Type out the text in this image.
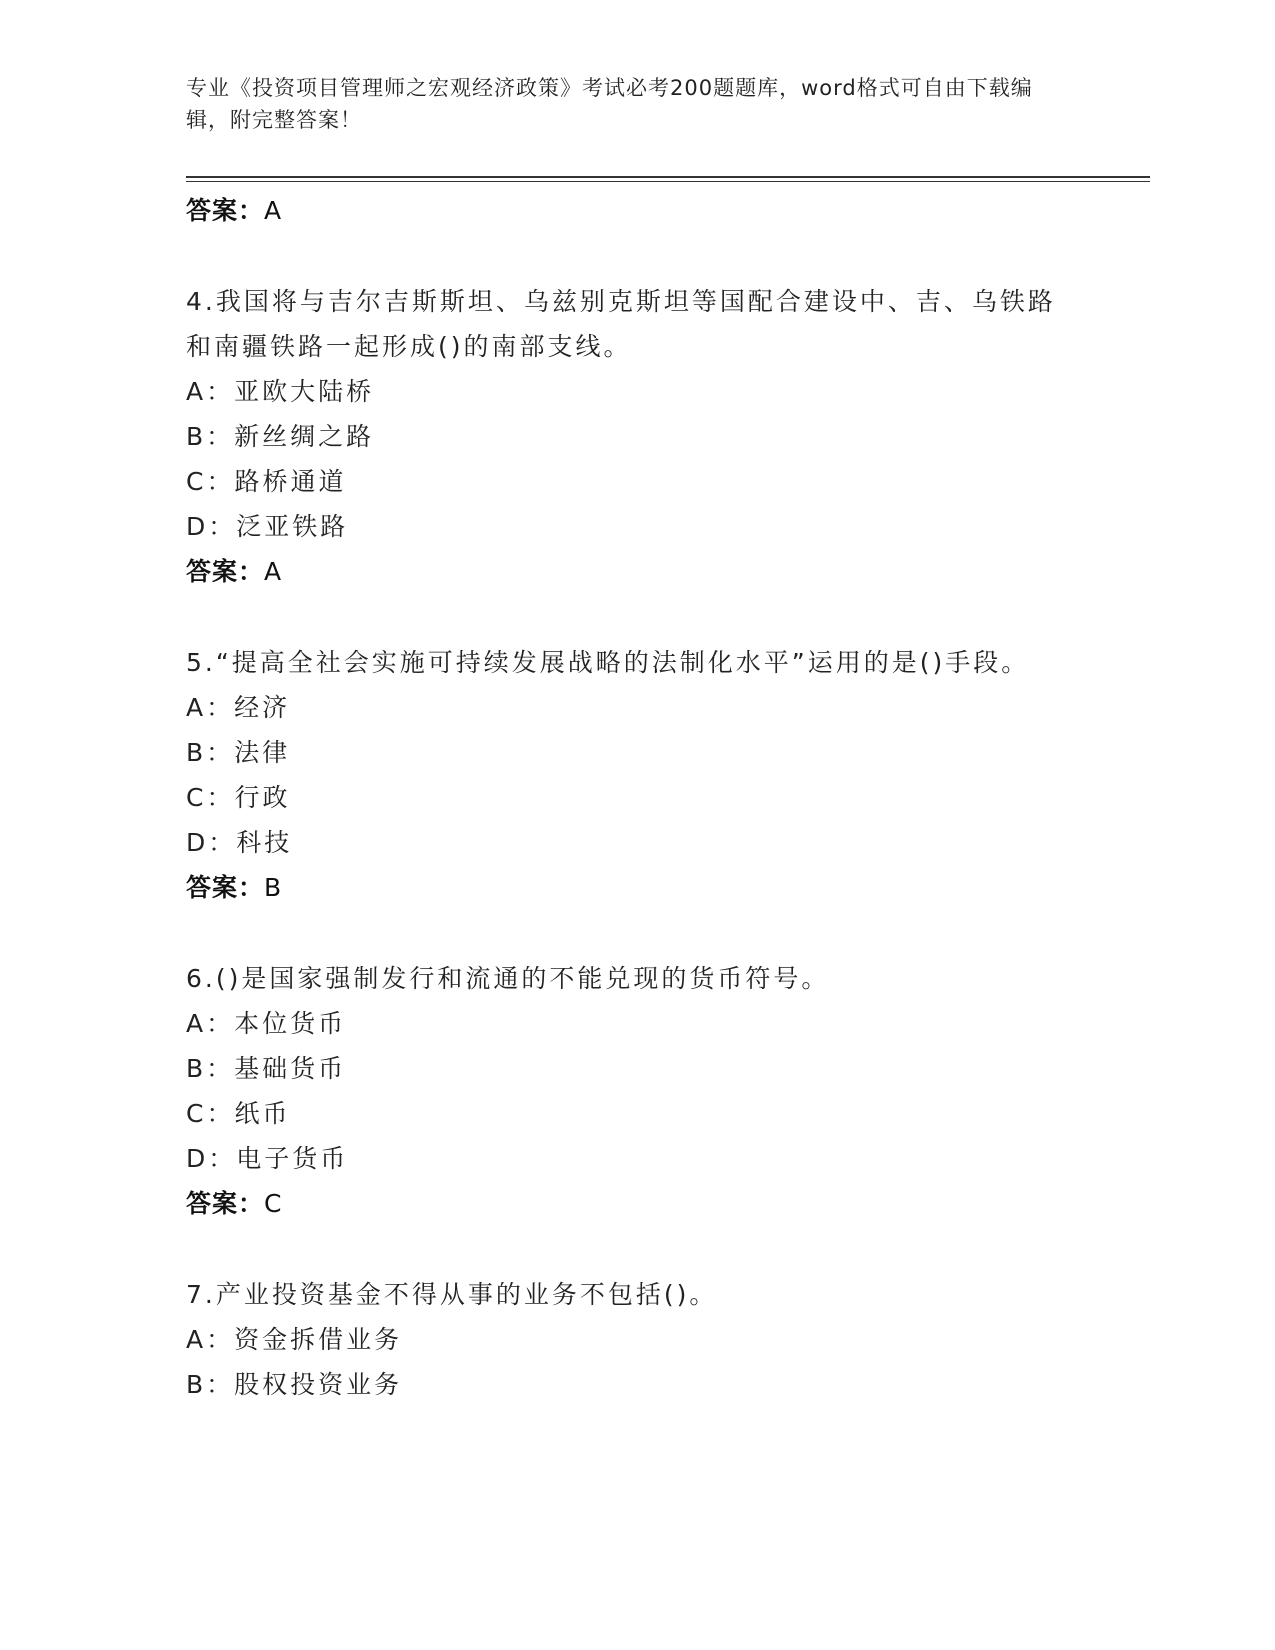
专业《投资项目管理师之宏观经济政策》考试必考200题题库，word格式可自由下载编辑，附完整答案！
答案：A
4.我国将与吉尔吉斯斯坦、乌兹别克斯坦等国配合建设中、吉、乌铁路和南疆铁路一起形成()的南部支线。
A：亚欧大陆桥
B：新丝绸之路
C：路桥通道
D：泛亚铁路
答案：A
5.“提高全社会实施可持续发展战略的法制化水平”运用的是()手段。
A：经济
B：法律
C：行政
D：科技
答案：B
6.()是国家强制发行和流通的不能兑现的货币符号。
A：本位货币
B：基础货币
C：纸币
D：电子货币
答案：C
7.产业投资基金不得从事的业务不包括()。
A：资金拆借业务
B：股权投资业务
